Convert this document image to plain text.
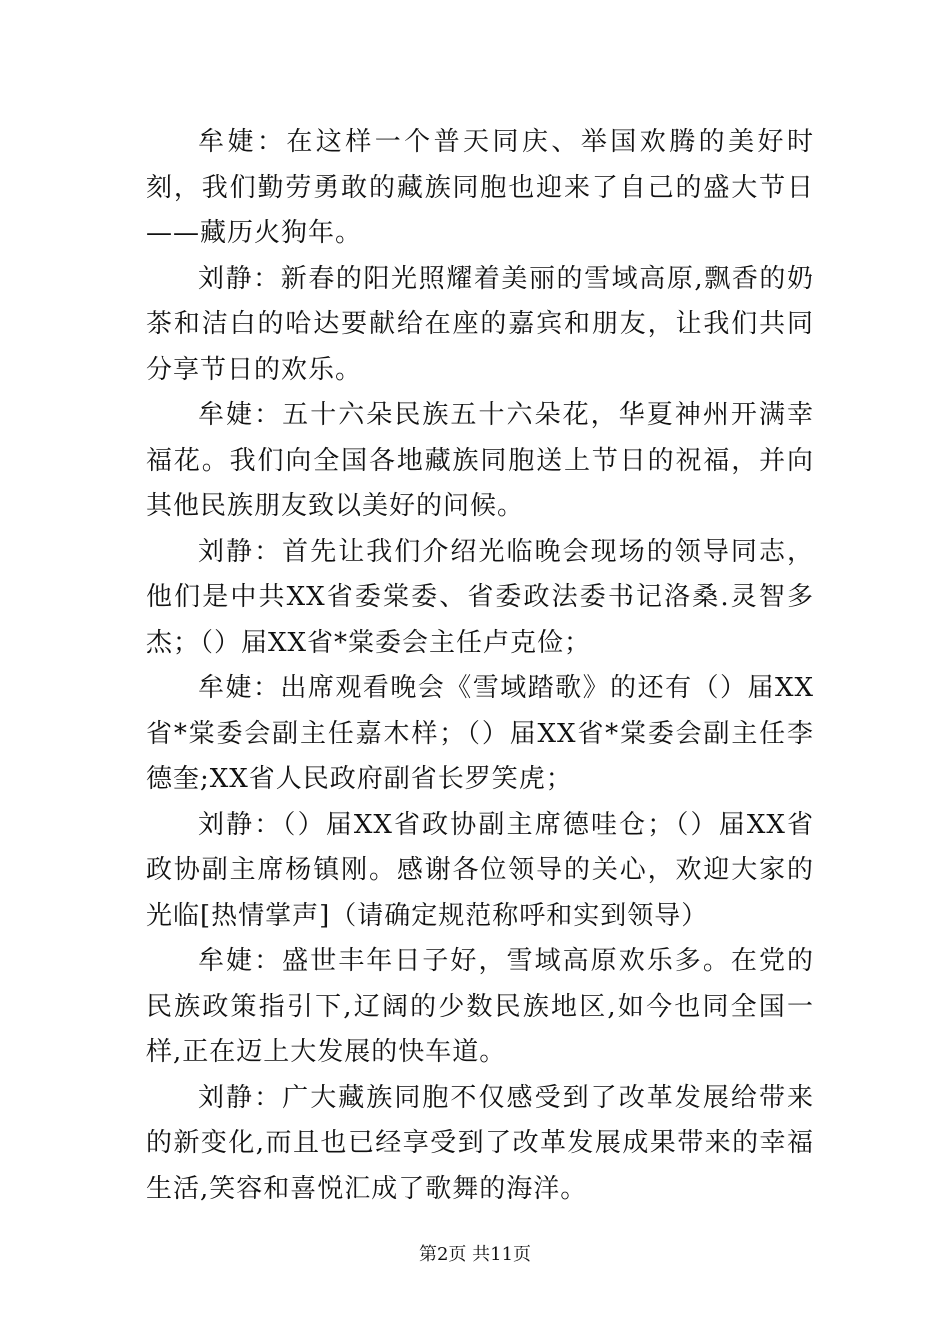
牟婕：在这样一个普天同庆、举国欢腾的美好时刻，我们勤劳勇敢的藏族同胞也迎来了自己的盛大节日——藏历火狗年。

刘静：新春的阳光照耀着美丽的雪域高原,飘香的奶茶和洁白的哈达要献给在座的嘉宾和朋友，让我们共同分享节日的欢乐。

牟婕：五十六朵民族五十六朵花，华夏神州开满幸福花。我们向全国各地藏族同胞送上节日的祝福，并向其他民族朋友致以美好的问候。

刘静：首先让我们介绍光临晚会现场的领导同志，他们是中共XX省委棠委、省委政法委书记洛桑.灵智多杰；（）届XX省*棠委会主任卢克俭；

牟婕：出席观看晚会《雪域踏歌》的还有（）届XX省*棠委会副主任嘉木样；（）届XX省*棠委会副主任李德奎;XX省人民政府副省长罗笑虎；

刘静：（）届XX省政协副主席德哇仓；（）届XX省政协副主席杨镇刚。感谢各位领导的关心，欢迎大家的光临[热情掌声]（请确定规范称呼和实到领导）

牟婕：盛世丰年日子好，雪域高原欢乐多。在党的民族政策指引下,辽阔的少数民族地区,如今也同全国一样,正在迈上大发展的快车道。

刘静：广大藏族同胞不仅感受到了改革发展给带来的新变化,而且也已经享受到了改革发展成果带来的幸福生活,笑容和喜悦汇成了歌舞的海洋。

第2页 共11页
